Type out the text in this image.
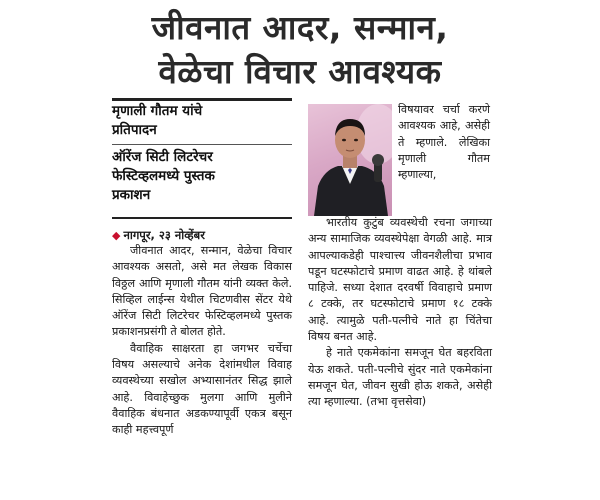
जीवनात आदर, सन्मान,
वेळेचा विचार आवश्यक
मृणाली गौतम यांचे
प्रतिपादन
ऑरेंज सिटी लिटरेचर
फेस्टिव्हलमध्ये पुस्तक
प्रकाशन
◆ नागपूर, २३ नोव्हेंबर

जीवनात आदर, सन्मान, वेळेचा विचार आवश्यक असतो, असे मत लेखक विकास विठ्ठल आणि मृणाली गौतम यांनी व्यक्त केले. सिव्हिल लाईन्स येथील चिटणवीस सेंटर येथे ऑरेंज सिटी लिटरेचर फेस्टिव्हलमध्ये पुस्तक प्रकाशनप्रसंगी ते बोलत होते.

वैवाहिक साक्षरता हा जगभर चर्चेचा विषय असल्याचे अनेक देशांमधील विवाह व्यवस्थेच्या सखोल अभ्यासानंतर सिद्ध झाले आहे. विवाहेच्छुक मुलगा आणि मुलीने वैवाहिक बंधनात अडकण्यापूर्वी एकत्र बसून काही महत्त्वपूर्ण

विषयावर चर्चा करणे आवश्यक आहे, असेही ते म्हणाले. लेखिका मृणाली गौतम म्हणाल्या,

भारतीय कुटुंब व्यवस्थेची रचना जगाच्या अन्य सामाजिक व्यवस्थेपेक्षा वेगळी आहे. मात्र आपल्याकडेही पाश्चात्त्य जीवनशैलीचा प्रभाव पडून घटस्फोटाचे प्रमाण वाढत आहे. हे थांबले पाहिजे. सध्या देशात दरवर्षी विवाहाचे प्रमाण ८ टक्के, तर घटस्फोटाचे प्रमाण १८ टक्के आहे. त्यामुळे पती-पत्नीचे नाते हा चिंतेचा विषय बनत आहे.

हे नाते एकमेकांना समजून घेत बहरविता येऊ शकते. पती-पत्नीचे सुंदर नाते एकमेकांना समजून घेत, जीवन सुखी होऊ शकते, असेही त्या म्हणाल्या. (तभा वृत्तसेवा)
